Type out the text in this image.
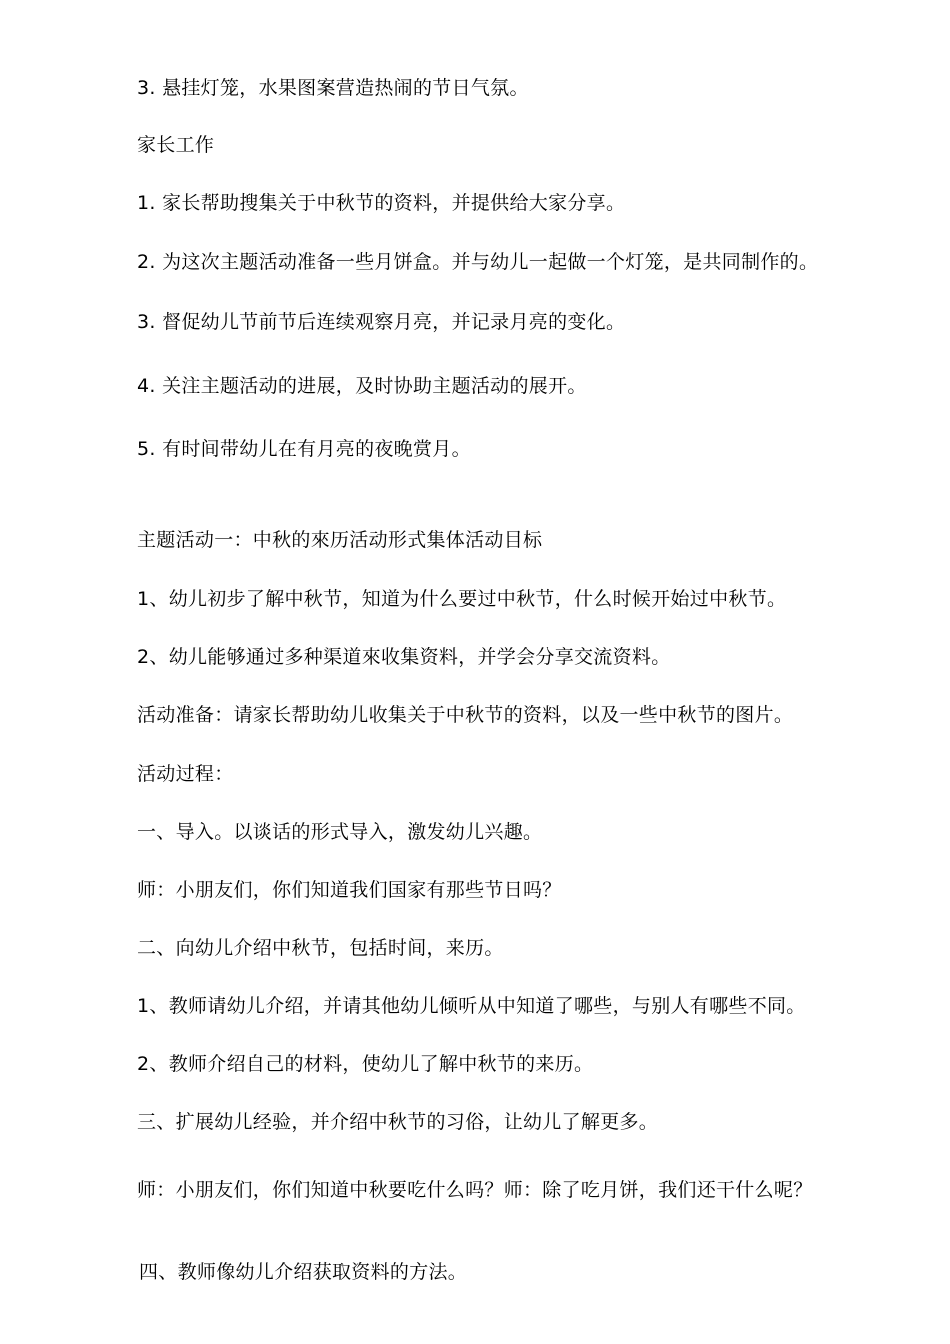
3. 悬挂灯笼，水果图案营造热闹的节日气氛。
家长工作
1. 家长帮助搜集关于中秋节的资料，并提供给大家分享。
2. 为这次主题活动准备一些月饼盒。并与幼儿一起做一个灯笼，是共同制作的。
3. 督促幼儿节前节后连续观察月亮，并记录月亮的变化。
4. 关注主题活动的进展，及时协助主题活动的展开。
5. 有时间带幼儿在有月亮的夜晚赏月。
主题活动一：中秋的來历活动形式集体活动目标
1、幼儿初步了解中秋节，知道为什么要过中秋节，什么时候开始过中秋节。
2、幼儿能够通过多种渠道來收集资料，并学会分享交流资料。
活动准备：请家长帮助幼儿收集关于中秋节的资料，以及一些中秋节的图片。
活动过程：
一、导入。以谈话的形式导入，激发幼儿兴趣。
师：小朋友们，你们知道我们国家有那些节日吗？
二、向幼儿介绍中秋节，包括时间，来历。
1、教师请幼儿介绍，并请其他幼儿倾听从中知道了哪些，与别人有哪些不同。
2、教师介绍自己的材料，使幼儿了解中秋节的来历。
三、扩展幼儿经验，并介绍中秋节的习俗，让幼儿了解更多。
师：小朋友们，你们知道中秋要吃什么吗？师：除了吃月饼，我们还干什么呢？
四、教师像幼儿介绍获取资料的方法。
